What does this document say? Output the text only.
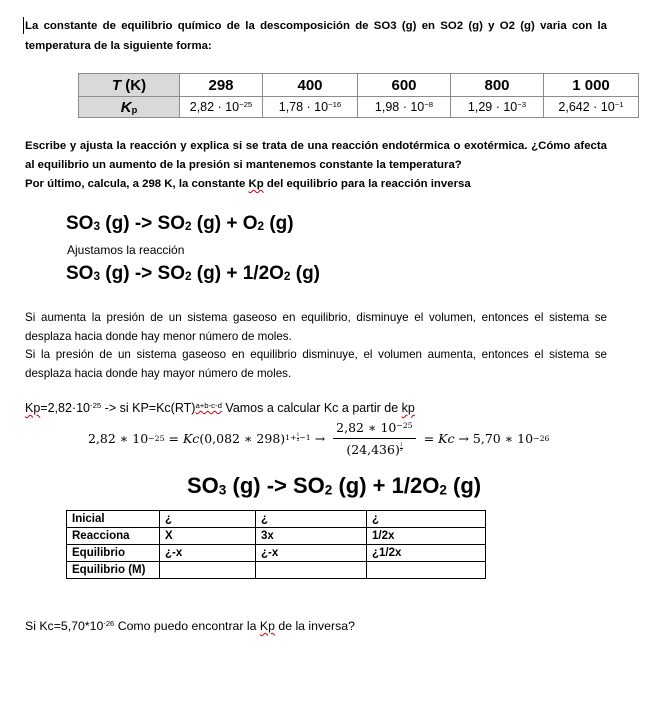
La constante de equilibrio químico de la descomposición de SO3 (g) en SO2 (g) y O2 (g) varia con la
temperatura de la siguiente forma:
T (K)	298	400	600	800	1 000
$K_p$	$2,82 \cdot 10^{-25}$	$1,78 \cdot 10^{-16}$	$1,98 \cdot 10^{-8}$	$1,29 \cdot 10^{-3}$	$2,642 \cdot 10^{-1}$
Escribe y ajusta la reacción y explica si se trata de una reacción endotérmica o exotérmica. ¿Cómo afecta
al equilibrio un aumento de la presión si mantenemos constante la temperatura?
Por último, calcula, a 298 K, la constante Kp del equilibrio para la reacción inversa
$SO_3$ $(g) -> SO_2$ $(g) + O_2$ (g)
Ajustamos la reacción
$SO_3$ $(g) -> SO_2$ $(g) + 1/2O_2$ (g)
Si aumenta la presión de un sistema gaseoso en equilibrio, disminuye el volumen, entonces el sistema se
desplaza hacia donde hay menor número de moles.
Si la presión de un sistema gaseoso en equilibrio disminuye, el volumen aumenta, entonces el sistema se
desplaza hacia donde hay mayor número de moles.
$Kp=2,82\cdot 10^{-25}$ -> si KP=Kc(RT)$^{a+b-c-d}$ Vamos a calcular Kc a partir de kp
2,82 ∗ 10 −25 = Kc (0,082 ∗ 298) $1+ \frac{1}{2} -1 \to 2,82$ ∗ $10^{-25}$
(24,436) $^{\frac{1}{2}}$ = Kc → 5,70 ∗ 10 −26
$SO_3$ $(g) -> SO_2$ $(g) + 1/2O_2$ (g)
Inicial	¿	¿	¿
Reacciona	X	3x	1/2x
Equilibrio	¿-x	¿-x	¿1/2x
Equilibrio (M)			
Si $Kc=5,70*10^{-26}$ Como puedo encontrar la Kp de la inversa?
